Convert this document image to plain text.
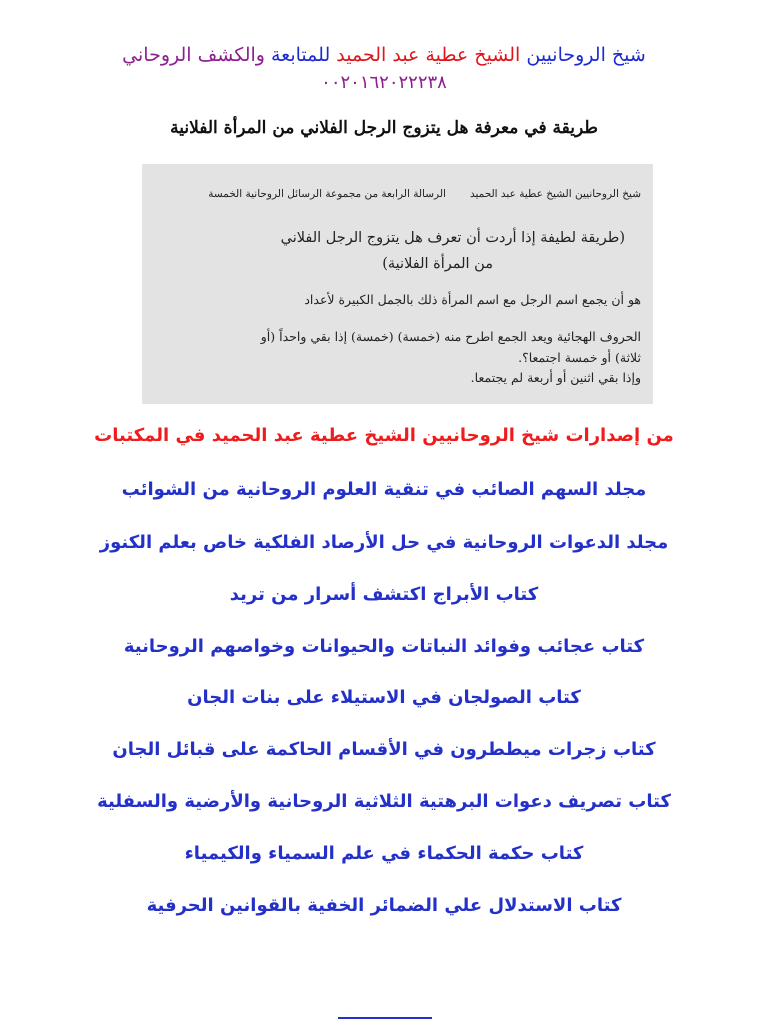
شيخ الروحانيين الشيخ عطية عبد الحميد للمتابعة والكشف الروحاني
٠٠٢٠١٦٢٠٢٢٢٣٨
طريقة في معرفة هل يتزوج الرجل الفلاني من المرأة الفلانية
شيخ الروحانيين الشيخ عطية عبد الحميدالرسالة الرابعة من مجموعة الرسائل الروحانية الخمسة
(طريقة لطيفة إذا أردت أن تعرف هل يتزوج الرجل الفلاني
من المرأة الفلانية)
هو أن يجمع اسم الرجل مع اسم المرأة ذلك بالجمل الكبيرة لأعداد
الحروف الهجائية ويعد الجمع اطرح منه (خمسة) (خمسة) إذا بقي واحداً (أو
ثلاثة) أو خمسة اجتمعا؟.
وإذا بقي اثنين أو أربعة لم يجتمعا.
من إصدارات شيخ الروحانيين الشيخ عطية عبد الحميد في المكتبات
مجلد السهم الصائب في تنقية العلوم الروحانية من الشوائب
مجلد الدعوات الروحانية في حل الأرصاد الفلكية خاص بعلم الكنوز
كتاب الأبراج اكتشف أسرار من تريد
كتاب عجائب وفوائد النباتات والحيوانات وخواصهم الروحانية
كتاب الصولجان في الاستيلاء على بنات الجان
كتاب زجرات ميططرون في الأقسام الحاكمة على قبائل الجان
كتاب تصريف دعوات البرهتية الثلاثية الروحانية والأرضية والسفلية
كتاب حكمة الحكماء في علم السمياء والكيمياء
كتاب الاستدلال علي الضمائر الخفية بالقوانين الحرفية
